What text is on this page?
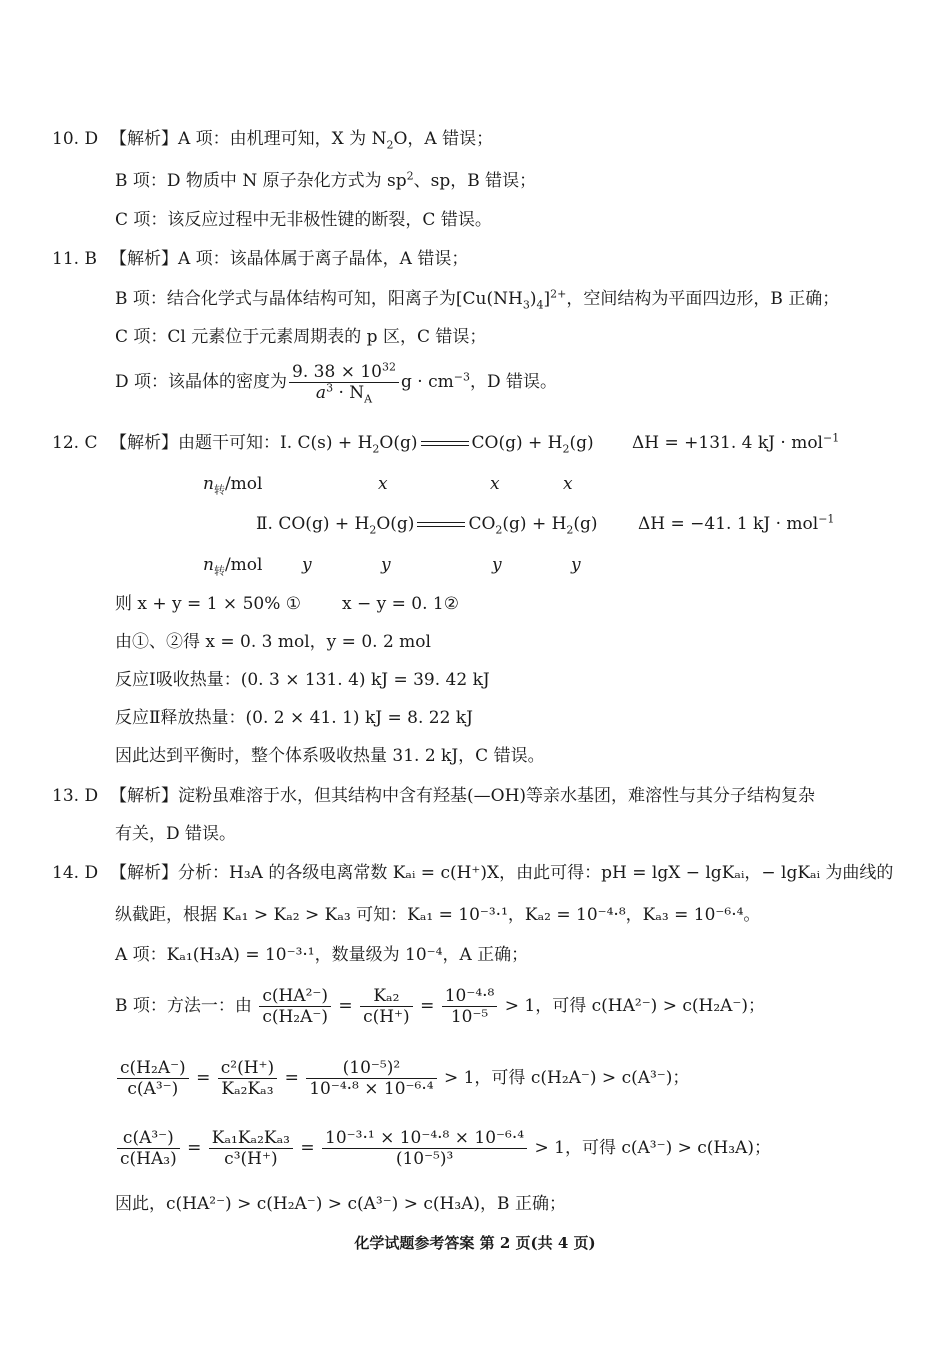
10. D 【解析】A 项：由机理可知，X 为 $N_2O$，A 错误；
B 项：D 物质中 N 原子杂化方式为 $sp^2$、sp，B 错误；
C 项：该反应过程中无非极性键的断裂，C 错误。
11. B 【解析】A 项：该晶体属于离子晶体，A 错误；
B 项：结合化学式与晶体结构可知，阳离子为$[Cu(NH_3)_4]^{2+}$，空间结构为平面四边形，B 正确；
C 项：Cl 元素位于元素周期表的 p 区，C 错误；
D 项：该晶体的密度为 $\frac{9. 38 \times 10^{32}}{a^3 \cdot N_A}$ $g \cdot cm^{-3}$，D 错误。
12. C 【解析】由题干可知：Ⅰ. $C(s) + H_2O(g)$	$CO(g) + H_2(g) \Delta H = +131$. 4 kJ · mol$^{-1}$
$n_转$/mol	x	x	x
Ⅱ. $CO(g) + H_2O(g)$	$CO_2(g) + H_2(g) \Delta H = -41$. 1 kJ · mol$^{-1}$
$n_转$/mol y	y	y	y
则 x + y = 1 × 50% ① x − y = 0. 1②
由①、②得 x = 0. 3 mol，y = 0. 2 mol
反应Ⅰ吸收热量：(0. 3 × 131. 4) kJ = 39. 42 kJ
反应Ⅱ释放热量：(0. 2 × 41. 1) kJ = 8. 22 kJ
因此达到平衡时，整个体系吸收热量 31. 2 kJ，C 错误。
13. D 【解析】淀粉虽难溶于水，但其结构中含有羟基(—OH)等亲水基团，难溶性与其分子结构复杂
有关，D 错误。
14. D 【解析】分析：H₃A 的各级电离常数 Kₐᵢ = c(H⁺)X，由此可得：pH = lgX − lgKₐᵢ，− lgKₐᵢ 为曲线的
纵截距，根据 Kₐ₁ > Kₐ₂ > Kₐ₃ 可知：Kₐ₁ = 10⁻³·¹，Kₐ₂ = 10⁻⁴·⁸，Kₐ₃ = 10⁻⁶·⁴。
A 项：Kₐ₁(H₃A) = 10⁻³·¹，数量级为 10⁻⁴，A 正确；
B 项：方法一：由 $\frac{\text{c(HA²⁻)}}{\text{c(H₂A⁻)}} = \frac{\text{Kₐ₂}}{c(H^+)} = \frac{\text{10⁻⁴·⁸}}{\text{10⁻⁵}} > 1$，可得 c(HA²⁻) > c(H₂A⁻)；
$\frac{\text{c(H₂A⁻)}}{\text{c(A³⁻)}} = \frac{\text{c²(H⁺)}}{\text{Kₐ₂Kₐ₃}} = \frac{\text{(10⁻⁵)²}}{\text{10⁻⁴·⁸ × 10⁻⁶·⁴}} > 1$，可得 c(H₂A⁻) > c(A³⁻)；
$\frac{\text{c(A³⁻)}}{\text{c(HA₃)}} = \frac{\text{Kₐ₁Kₐ₂Kₐ₃}}{\text{c³(H⁺)}} = \frac{\text{10⁻³·¹ × 10⁻⁴·⁸ × 10⁻⁶·⁴}}{\text{(10⁻⁵)³}} > 1$，可得 c(A³⁻) > c(H₃A)；
因此，c(HA²⁻) > c(H₂A⁻) > c(A³⁻) > c(H₃A)，B 正确；
化学试题参考答案 第 2 页(共 4 页)
